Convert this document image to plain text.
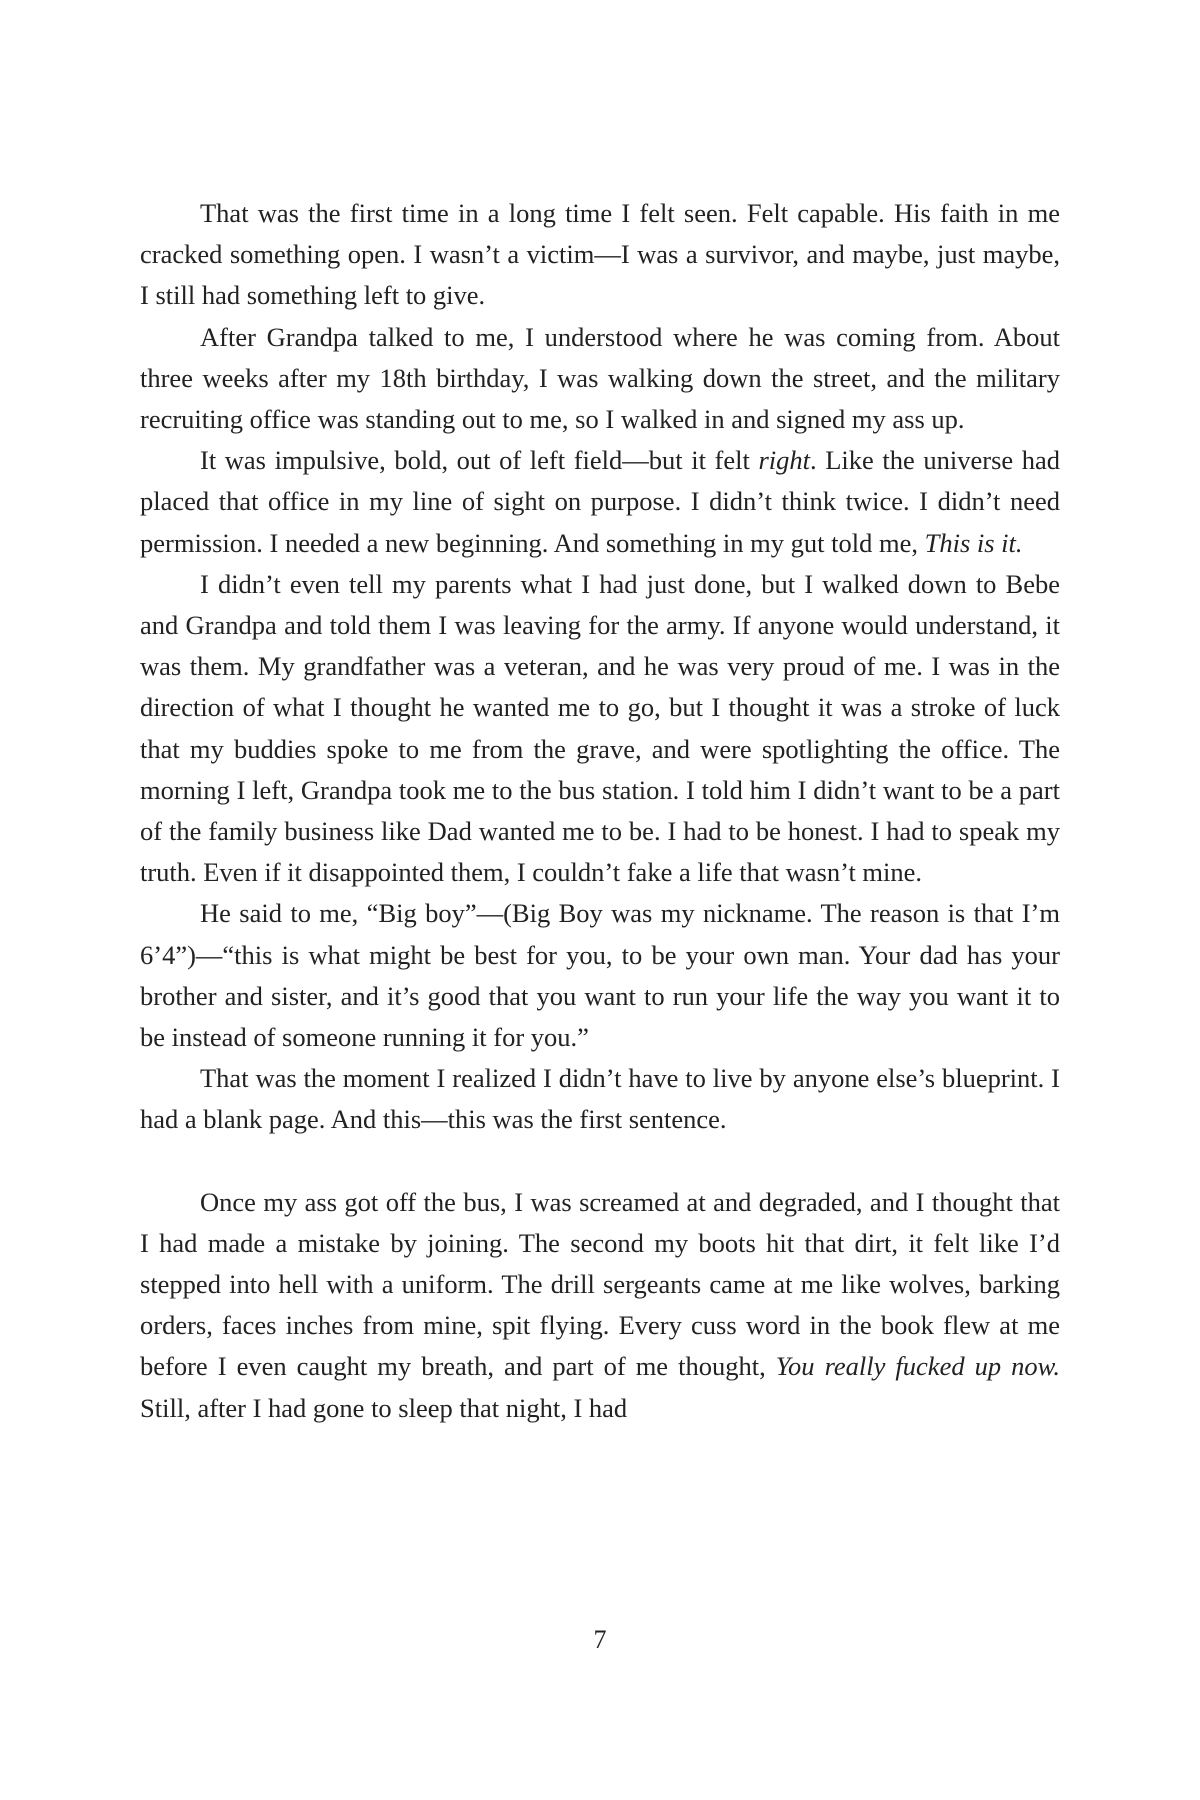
That was the first time in a long time I felt seen. Felt capable. His faith in me cracked something open. I wasn’t a victim—I was a survivor, and maybe, just maybe, I still had something left to give.

After Grandpa talked to me, I understood where he was coming from. About three weeks after my 18th birthday, I was walking down the street, and the military recruiting office was standing out to me, so I walked in and signed my ass up.

It was impulsive, bold, out of left field—but it felt right. Like the universe had placed that office in my line of sight on purpose. I didn’t think twice. I didn’t need permission. I needed a new beginning. And something in my gut told me, This is it.

I didn’t even tell my parents what I had just done, but I walked down to Bebe and Grandpa and told them I was leaving for the army. If anyone would understand, it was them. My grandfather was a veteran, and he was very proud of me. I was in the direction of what I thought he wanted me to go, but I thought it was a stroke of luck that my buddies spoke to me from the grave, and were spotlighting the office. The morning I left, Grandpa took me to the bus station. I told him I didn’t want to be a part of the family business like Dad wanted me to be. I had to be honest. I had to speak my truth. Even if it disappointed them, I couldn’t fake a life that wasn’t mine.

He said to me, “Big boy”—(Big Boy was my nickname. The reason is that I’m 6’4”)—“this is what might be best for you, to be your own man. Your dad has your brother and sister, and it’s good that you want to run your life the way you want it to be instead of someone running it for you.”

That was the moment I realized I didn’t have to live by anyone else’s blueprint. I had a blank page. And this—this was the first sentence.

Once my ass got off the bus, I was screamed at and degraded, and I thought that I had made a mistake by joining. The second my boots hit that dirt, it felt like I’d stepped into hell with a uniform. The drill sergeants came at me like wolves, barking orders, faces inches from mine, spit flying. Every cuss word in the book flew at me before I even caught my breath, and part of me thought, You really fucked up now. Still, after I had gone to sleep that night, I had

7
